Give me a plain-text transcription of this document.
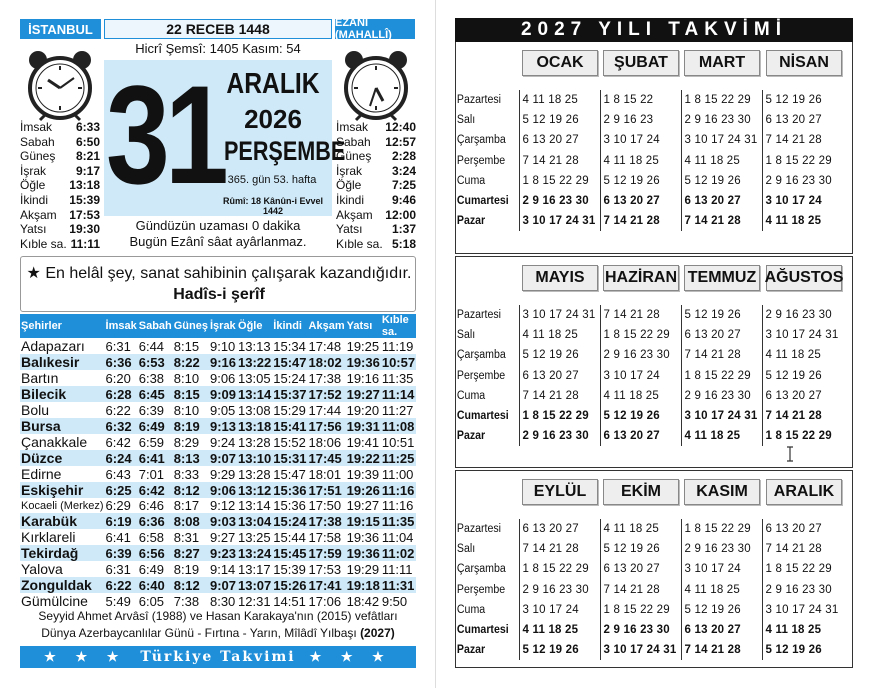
İSTANBUL	22 RECEB 1448	EZÂNÎ (MAHALLÎ)
Hicrî Şemsî: 1405 Kasım: 54
31 ARALIK
2026
PERŞEMBE
365. gün 53. hafta
Rûmî: 18 Kânûn-i Evvel 1442
Gündüzün uzaması 0 dakika
Bugün Ezânî sâat ayârlanmaz.
İmsak 6:33
Sabah 6:50
Güneş 8:21
İşrak 9:17
Öğle 13:18
İkindi 15:39
Akşam 17:53
Yatsı 19:30
Kıble sa. 11:11
İmsak 12:40
Sabah 12:57
Güneş 2:28
İşrak 3:24
Öğle	7:25
İkindi 9:46
Akşam 12:00
Yatsı 1:37
Kıble sa. 5:18
★ En helâl şey, sanat sahibinin çalışarak kazandığıdır. Hadîs-i şerîf
Şehirler	İmsak	Sabah	Güneş	İşrak	Öğle	İkindi	Akşam	Yatsı	Kıble sa.
Adapazarı	6:31	6:44	8:15	9:10	13:13	15:34	17:48	19:25	11:19
Balıkesir	6:36	6:53	8:22	9:16	13:22	15:47	18:02	19:36	10:57
Bartın	6:20	6:38	8:10	9:06	13:05	15:24	17:38	19:16	11:35
Bilecik	6:28	6:45	8:15	9:09	13:14	15:37	17:52	19:27	11:14
Bolu	6:22	6:39	8:10	9:05	13:08	15:29	17:44	19:20	11:27
Bursa	6:32	6:49	8:19	9:13	13:18	15:41	17:56	19:31	11:08
Çanakkale	6:42	6:59	8:29	9:24	13:28	15:52	18:06	19:41	10:51
Düzce	6:24	6:41	8:13	9:07	13:10	15:31	17:45	19:22	11:25
Edirne	6:43	7:01	8:33	9:29	13:28	15:47	18:01	19:39	11:00
Eskişehir	6:25	6:42	8:12	9:06	13:12	15:36	17:51	19:26	11:16
Kocaeli (Merkez)	6:29	6:46	8:17	9:12	13:14	15:36	17:50	19:27	11:16
Karabük	6:19	6:36	8:08	9:03	13:04	15:24	17:38	19:15	11:35
Kırklareli	6:41	6:58	8:31	9:27	13:25	15:44	17:58	19:36	11:04
Tekirdağ	6:39	6:56	8:27	9:23	13:24	15:45	17:59	19:36	11:02
Yalova	6:31	6:49	8:19	9:14	13:17	15:39	17:53	19:29	11:11
Zonguldak	6:22	6:40	8:12	9:07	13:07	15:26	17:41	19:18	11:31
Gümülcine	5:49	6:05	7:38	8:30	12:31	14:51	17:06	18:42	9:50
Seyyid Ahmet Arvâsî (1988) ve Hasan Karakaya'nın (2015) vefâtları
Dünya Azerbaycanlılar Günü - Fırtına - Yarın, Mîlâdî Yılbaşı (2027)
★ ★ ★ Türkiye Takvimi ★ ★ ★
2027 YILI TAKVİMİ
OCAK	ŞUBAT	MART	NİSAN
Pazartesi	4 11 18 25	1 8 15 22	1 8 15 22 29	5 12 19 26
Salı	5 12 19 26	2 9 16 23	2 9 16 23 30	6 13 20 27
Çarşamba	6 13 20 27	3 10 17 24	3 10 17 24 31	7 14 21 28
Perşembe	7 14 21 28	4 11 18 25	4 11 18 25	1 8 15 22 29
Cuma	1 8 15 22 29	5 12 19 26	5 12 19 26	2 9 16 23 30
Cumartesi	2 9 16 23 30	6 13 20 27	6 13 20 27	3 10 17 24
Pazar	3 10 17 24 31	7 14 21 28	7 14 21 28	4 11 18 25
MAYIS	HAZİRAN TEMMUZ AĞUSTOS
Pazartesi	3 10 17 24 31	7 14 21 28	5 12 19 26	2 9 16 23 30
Salı	4 11 18 25	1 8 15 22 29	6 13 20 27	3 10 17 24 31
Çarşamba	5 12 19 26	2 9 16 23 30	7 14 21 28	4 11 18 25
Perşembe	6 13 20 27	3 10 17 24	1 8 15 22 29	5 12 19 26
Cuma	7 14 21 28	4 11 18 25	2 9 16 23 30	6 13 20 27
Cumartesi	1 8 15 22 29	5 12 19 26	3 10 17 24 31	7 14 21 28
Pazar	2 9 16 23 30	6 13 20 27	4 11 18 25	1 8 15 22 29
EYLÜL	EKİM	KASIM	ARALIK
Pazartesi	6 13 20 27	4 11 18 25	1 8 15 22 29	6 13 20 27
Salı	7 14 21 28	5 12 19 26	2 9 16 23 30	7 14 21 28
Çarşamba	1 8 15 22 29	6 13 20 27	3 10 17 24	1 8 15 22 29
Perşembe	2 9 16 23 30	7 14 21 28	4 11 18 25	2 9 16 23 30
Cuma	3 10 17 24	1 8 15 22 29	5 12 19 26	3 10 17 24 31
Cumartesi	4 11 18 25	2 9 16 23 30	6 13 20 27	4 11 18 25
Pazar	5 12 19 26	3 10 17 24 31	7 14 21 28	5 12 19 26
